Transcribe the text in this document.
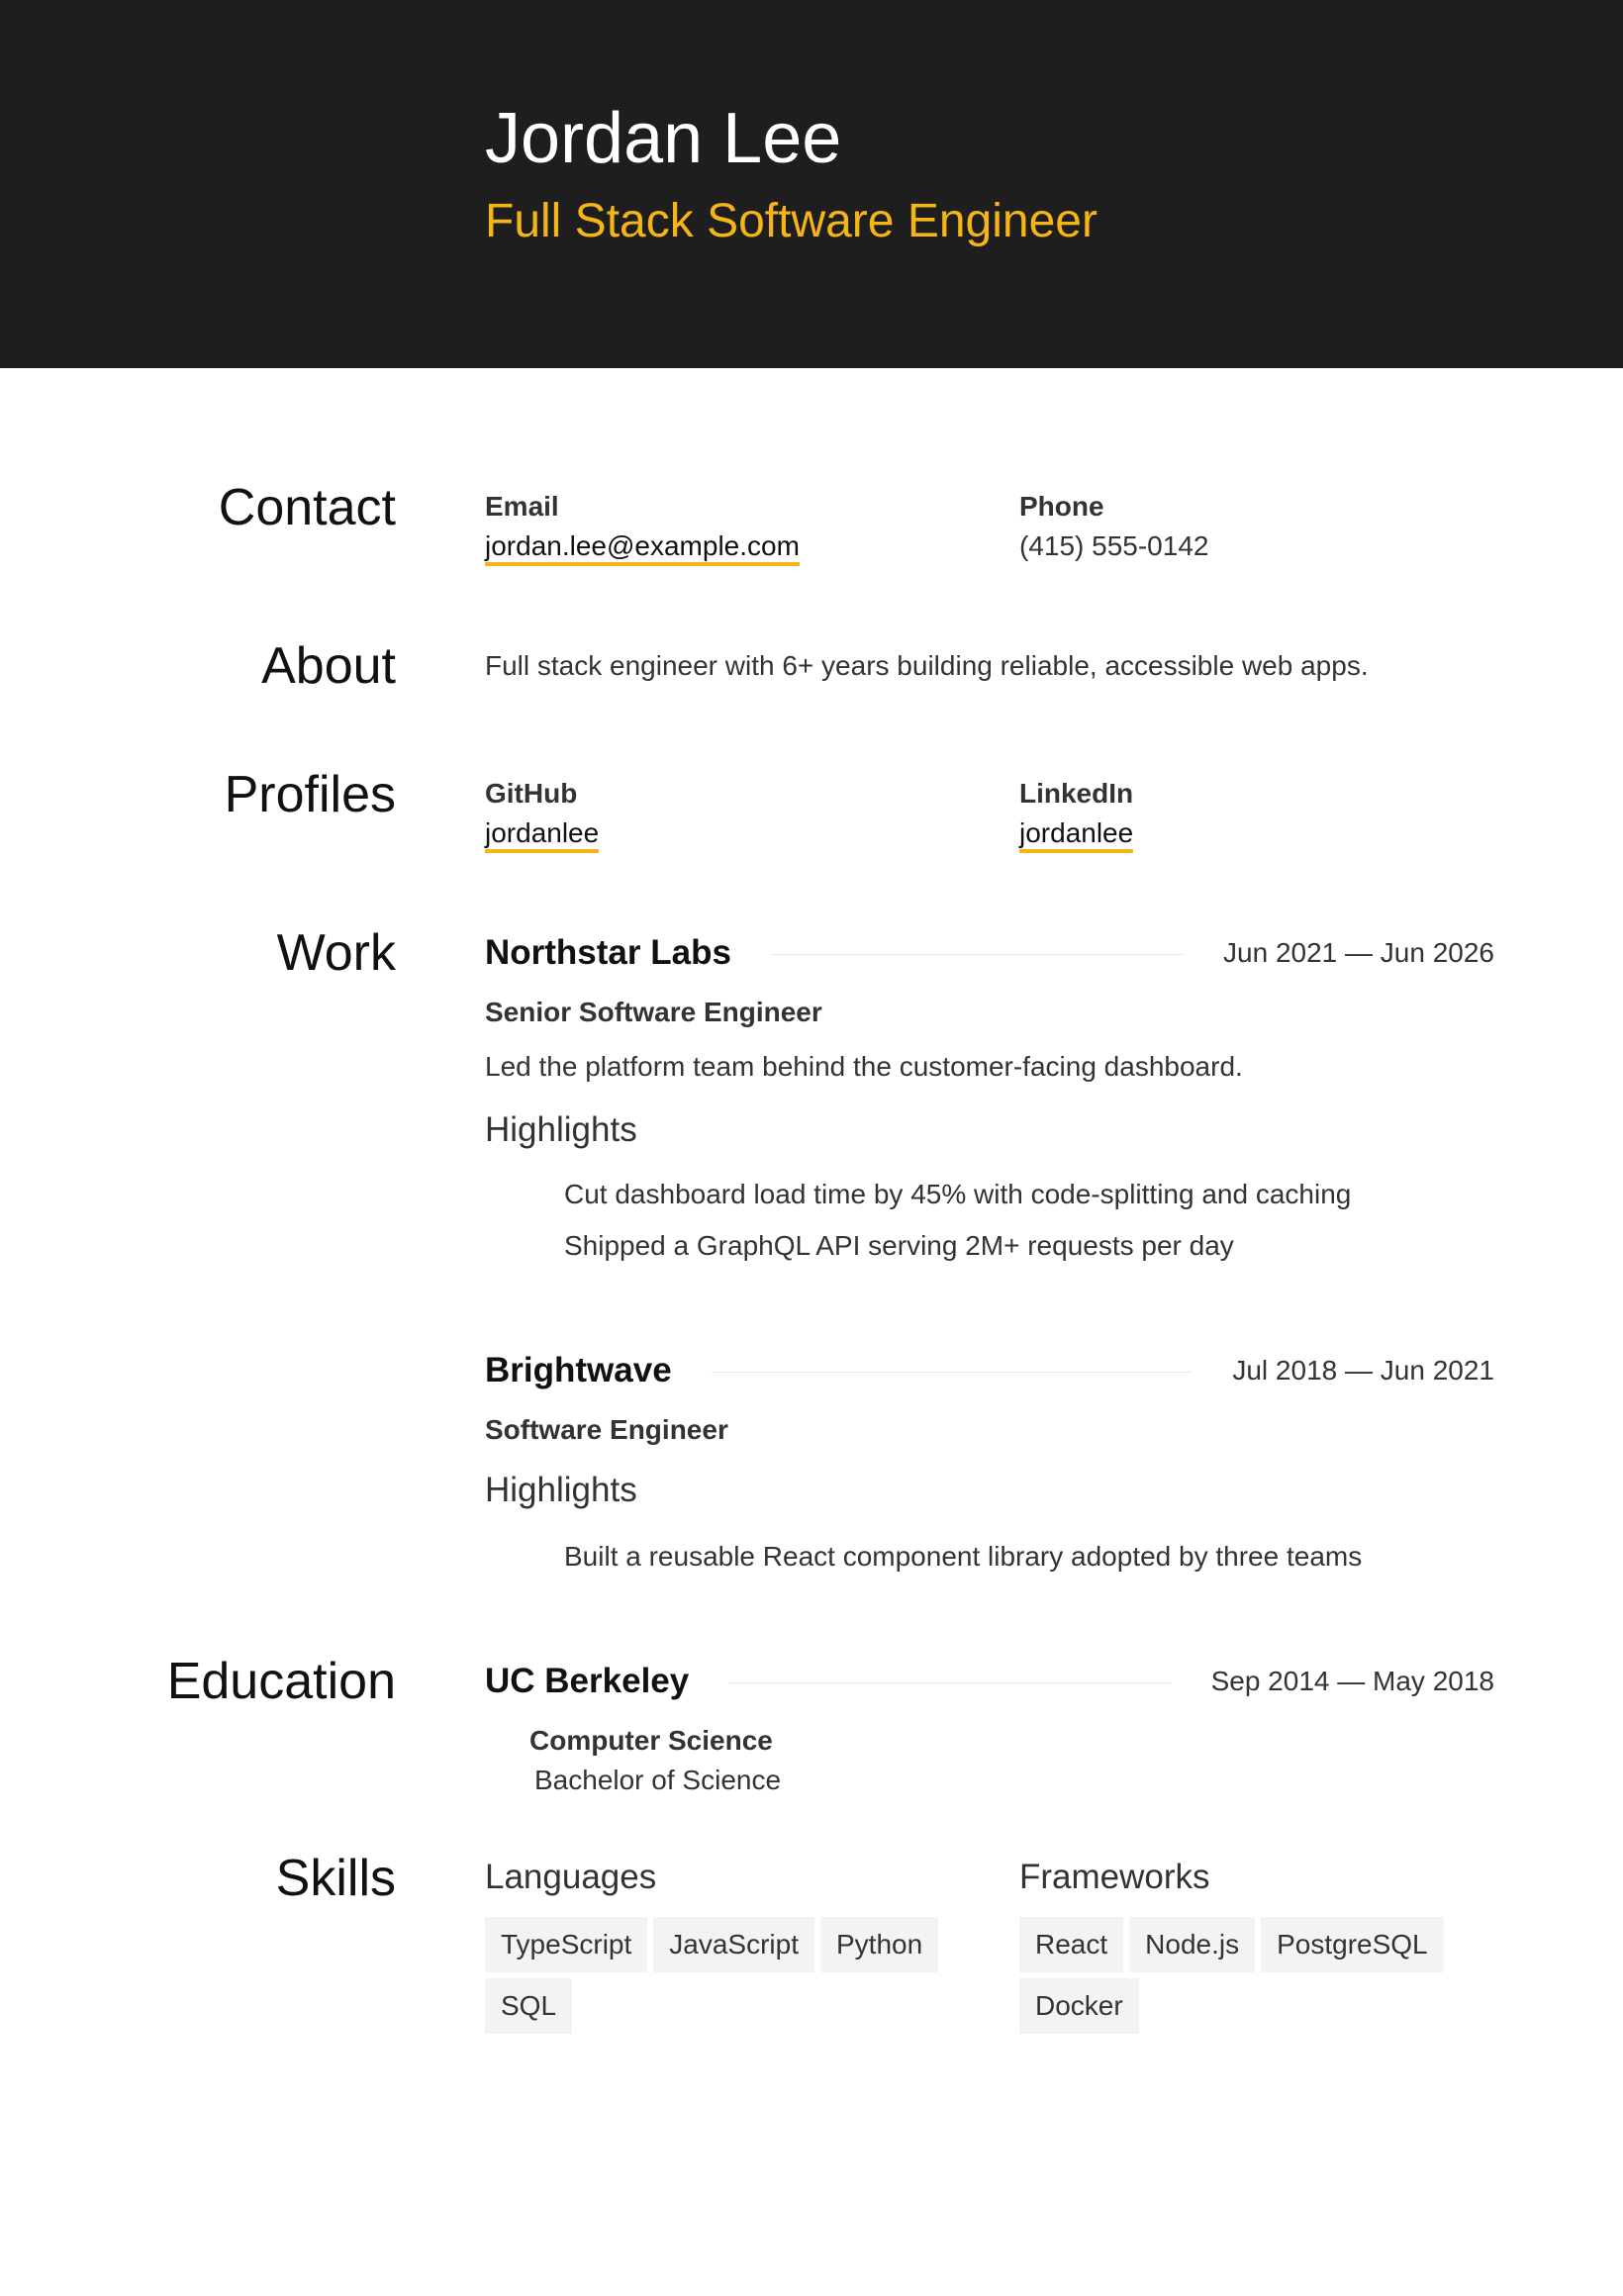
Jordan Lee
Full Stack Software Engineer
Contact	Email
jordan.lee@example.com
Phone
(415) 555-0142
About	Full stack engineer with 6+ years building reliable, accessible web apps.
Profiles	GitHub
jordanlee
LinkedIn
jordanlee
Work	Northstar Labs	Jun 2021 — Jun 2026
Senior Software Engineer
Led the platform team behind the customer-facing dashboard.
Highlights
Cut dashboard load time by 45% with code-splitting and caching
Shipped a GraphQL API serving 2M+ requests per day
Brightwave	Jul 2018 — Jun 2021
Software Engineer
Highlights
Built a reusable React component library adopted by three teams
Education	UC Berkeley	Sep 2014 — May 2018
Computer Science
Bachelor of Science
Skills	Languages
TypeScript	JavaScript	Python
SQL
Frameworks
React	Node.js	PostgreSQL
Docker
